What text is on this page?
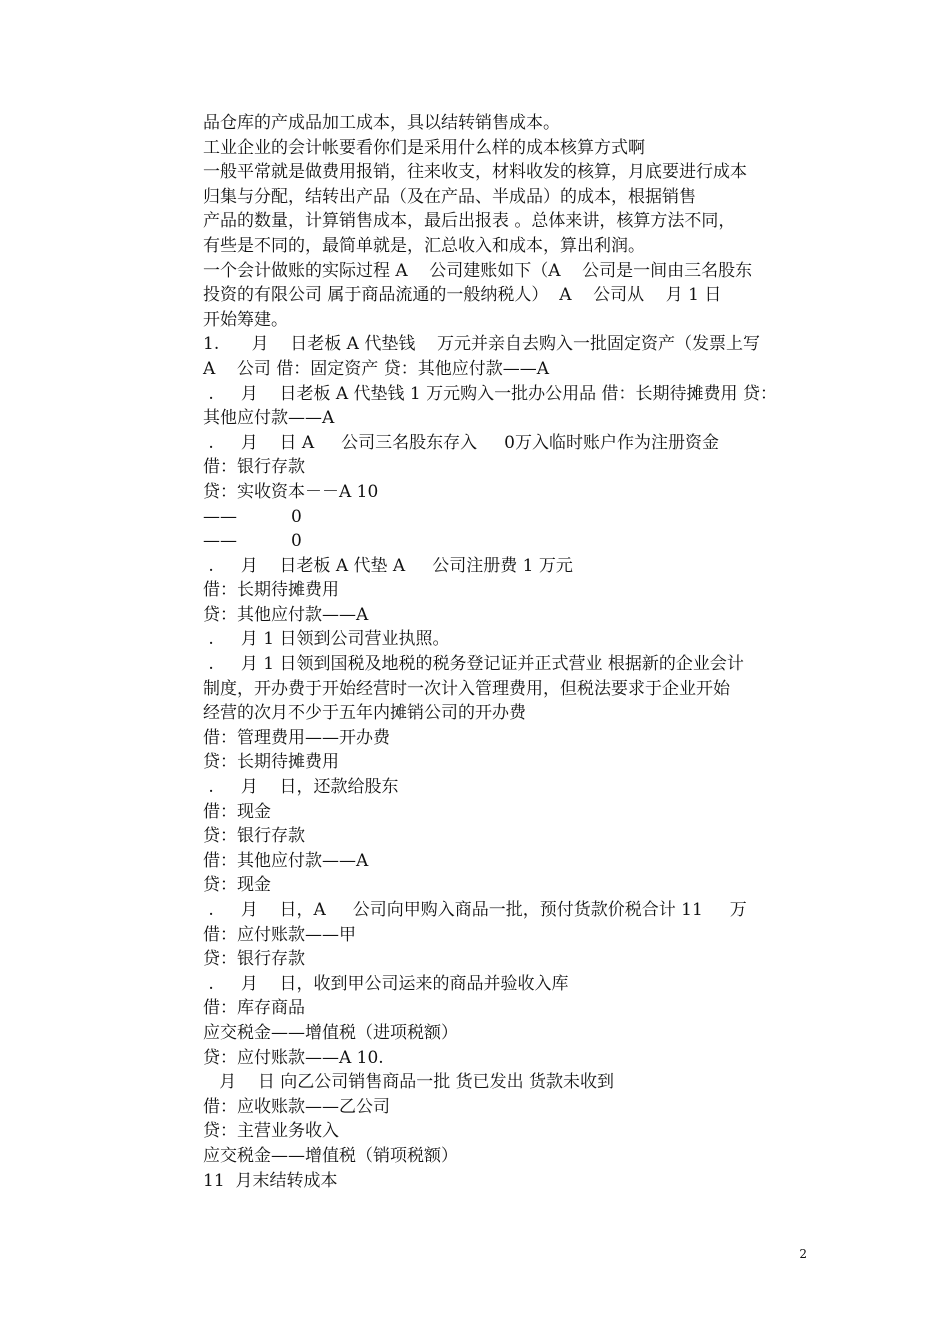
品仓库的产成品加工成本，具以结转销售成本。

工业企业的会计帐要看你们是采用什么样的成本核算方式啊

一般平常就是做费用报销，往来收支，材料收发的核算，月底要进行成本

归集与分配，结转出产品（及在产品、半成品）的成本，根据销售

产品的数量，计算销售成本，最后出报表 。总体来讲，核算方法不同，

有些是不同的，最简单就是，汇总收入和成本，算出利润。

一个会计做账的实际过程 A    公司建账如下（A    公司是一间由三名股东

投资的有限公司 属于商品流通的一般纳税人）  A    公司从    月 1 日

开始筹建。

1.      月    日老板 A 代垫钱    万元并亲自去购入一批固定资产（发票上写

A    公司 借：固定资产 贷：其他应付款——A

.     月    日老板 A 代垫钱 1 万元购入一批办公用品 借：长期待摊费用 贷：

其他应付款——A

.     月    日 A     公司三名股东存入     0万入临时账户作为注册资金

借：银行存款

贷：实收资本－－A 10

——          0

——          0

.     月    日老板 A 代垫 A     公司注册费 1 万元

借：长期待摊费用

贷：其他应付款——A

.     月 1 日领到公司营业执照。

.     月 1 日领到国税及地税的税务登记证并正式营业 根据新的企业会计

制度，开办费于开始经营时一次计入管理费用，但税法要求于企业开始

经营的次月不少于五年内摊销公司的开办费

借：管理费用——开办费

贷：长期待摊费用

.     月    日，还款给股东

借：现金

贷：银行存款

借：其他应付款——A

贷：现金

.     月    日，A     公司向甲购入商品一批，预付货款价税合计 11     万

借：应付账款——甲

贷：银行存款

.     月    日，收到甲公司运来的商品并验收入库

借：库存商品

应交税金——增值税（进项税额）

贷：应付账款——A 10.

月    日 向乙公司销售商品一批 货已发出 货款未收到

借：应收账款——乙公司

贷：主营业务收入

应交税金——增值税（销项税额）

11  月末结转成本

2
